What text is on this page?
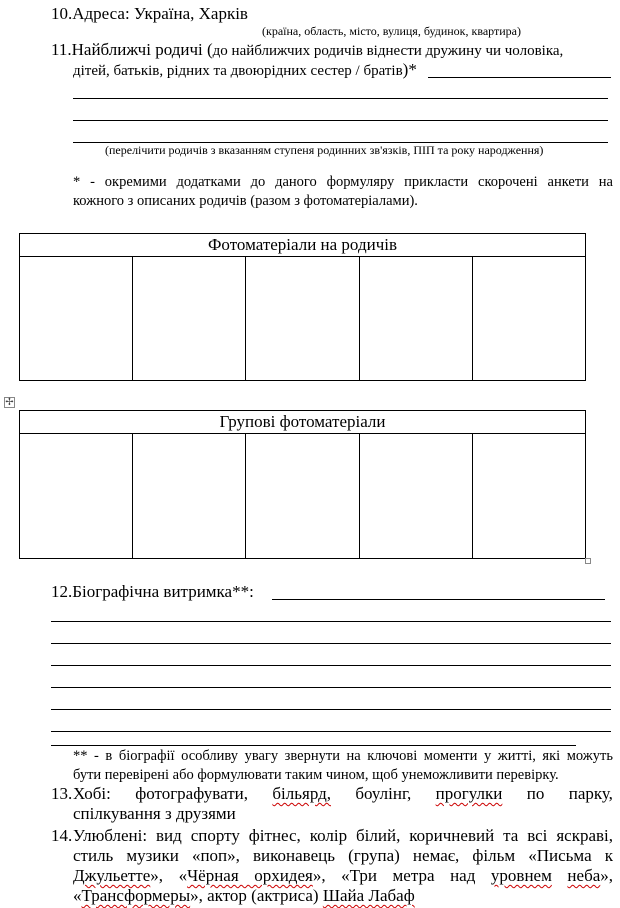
10.Адреса: Україна, Харків
(країна, область, місто, вулиця, будинок, квартира)
11.Найближчі родичі (до найближчих родичів віднести дружину чи чоловіка,
дітей, батьків, рідних та двоюрідних сестер / братів)*
(перелічити родичів з вказанням ступеня родинних зв'язків, ПІП та року народження)
* - окремими додатками до даного формуляру приклacти скорочені анкети на
кожного з описаних родичів (разом з фотоматеріалами).
Фотоматеріали на родичів
✢
Групові фотоматеріали
12.Біографічна витримка**:
** - в біографії особливу увагу звернути на ключові моменти у житті, які можуть
бути перевірені або формулювати таким чином, щоб унеможливити перевірку.
13. Хобі: фотографувати, більярд, боулінг, прогулки по парку,
спілкування з друзями
14. Улюблені: вид спорту фітнес, колір білий, коричневий та всі яскраві,
стиль музики «поп», виконавець (група) немає, фільм «Письма к
Джульетте», «Чёрная орхидея», «Три метра над уровнем неба»,
«Трансформеры», актор (актриса) Шайа Лабаф
